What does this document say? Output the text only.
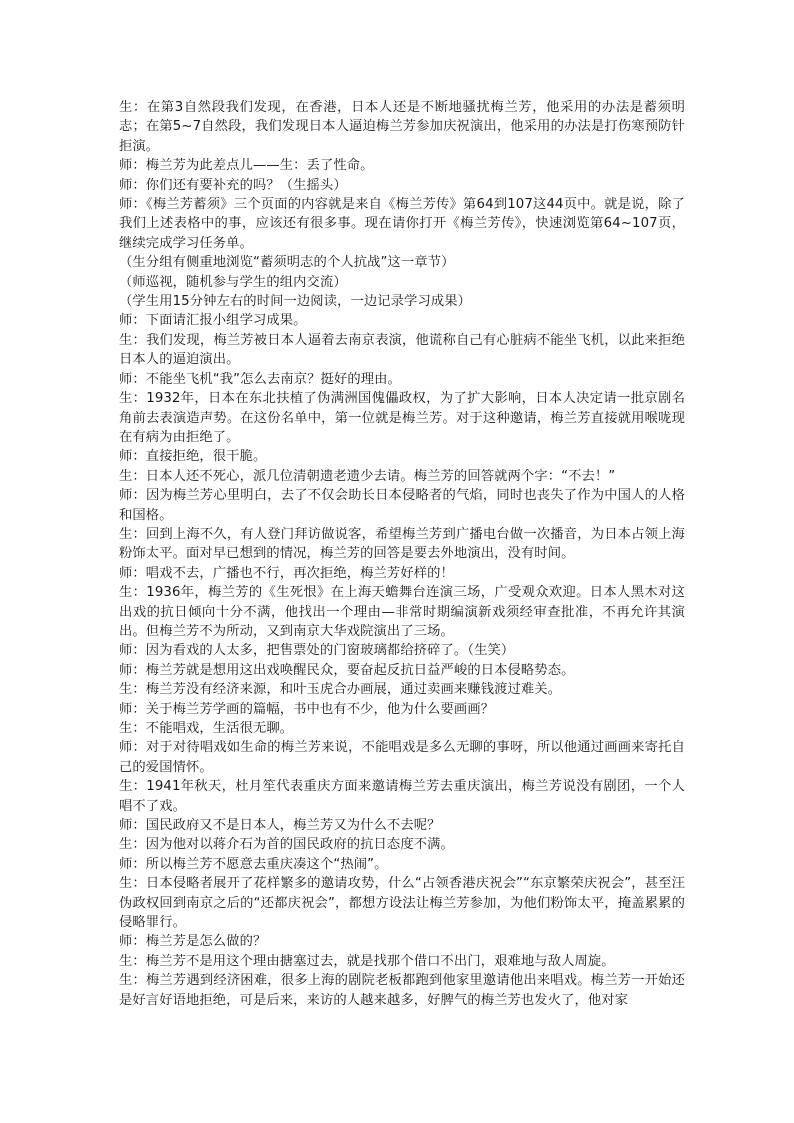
生：在第3自然段我们发现，在香港，日本人还是不断地骚扰梅兰芳，他采用的办法是蓄须明志；在第5~7自然段，我们发现日本人逼迫梅兰芳参加庆祝演出，他采用的办法是打伤寒预防针拒演。

师：梅兰芳为此差点儿——生：丢了性命。

师：你们还有要补充的吗？（生摇头）

师：《梅兰芳蓄须》三个页面的内容就是来自《梅兰芳传》第64到107这44页中。就是说，除了我们上述表格中的事，应该还有很多事。现在请你打开《梅兰芳传》，快速浏览第64~107页，继续完成学习任务单。

（生分组有侧重地浏览“蓄须明志的个人抗战”这一章节）

（师巡视，随机参与学生的组内交流）

（学生用15分钟左右的时间一边阅读，一边记录学习成果）

师：下面请汇报小组学习成果。

生：我们发现，梅兰芳被日本人逼着去南京表演，他谎称自己有心脏病不能坐飞机，以此来拒绝日本人的逼迫演出。

师：不能坐飞机“我”怎么去南京？挺好的理由。

生：1932年，日本在东北扶植了伪满洲国傀儡政权，为了扩大影响，日本人决定请一批京剧名角前去表演造声势。在这份名单中，第一位就是梅兰芳。对于这种邀请，梅兰芳直接就用喉咙现在有病为由拒绝了。

师：直接拒绝，很干脆。

生：日本人还不死心，派几位清朝遗老遗少去请。梅兰芳的回答就两个字：“不去！”

师：因为梅兰芳心里明白，去了不仅会助长日本侵略者的气焰，同时也丧失了作为中国人的人格和国格。

生：回到上海不久，有人登门拜访做说客，希望梅兰芳到广播电台做一次播音，为日本占领上海粉饰太平。面对早已想到的情况，梅兰芳的回答是要去外地演出，没有时间。

师：唱戏不去，广播也不行，再次拒绝，梅兰芳好样的！

生：1936年，梅兰芳的《生死恨》在上海天蟾舞台连演三场，广受观众欢迎。日本人黑木对这出戏的抗日倾向十分不满，他找出一个理由—非常时期编演新戏须经审查批准，不再允许其演出。但梅兰芳不为所动，又到南京大华戏院演出了三场。

师：因为看戏的人太多，把售票处的门窗玻璃都给挤碎了。（生笑）

师：梅兰芳就是想用这出戏唤醒民众，要奋起反抗日益严峻的日本侵略势态。

生：梅兰芳没有经济来源，和叶玉虎合办画展，通过卖画来赚钱渡过难关。

师：关于梅兰芳学画的篇幅，书中也有不少，他为什么要画画？

生：不能唱戏，生活很无聊。

师：对于对待唱戏如生命的梅兰芳来说，不能唱戏是多么无聊的事呀，所以他通过画画来寄托自己的爱国情怀。

生：1941年秋天，杜月笙代表重庆方面来邀请梅兰芳去重庆演出，梅兰芳说没有剧团，一个人唱不了戏。

师：国民政府又不是日本人，梅兰芳又为什么不去呢？

生：因为他对以蒋介石为首的国民政府的抗日态度不满。

师：所以梅兰芳不愿意去重庆凑这个“热闹”。

生：日本侵略者展开了花样繁多的邀请攻势，什么“占领香港庆祝会”“东京繁荣庆祝会”，甚至汪伪政权回到南京之后的“还都庆祝会”，都想方设法让梅兰芳参加，为他们粉饰太平，掩盖累累的侵略罪行。

师：梅兰芳是怎么做的？

生：梅兰芳不是用这个理由搪塞过去，就是找那个借口不出门，艰难地与敌人周旋。

生：梅兰芳遇到经济困难，很多上海的剧院老板都跑到他家里邀请他出来唱戏。梅兰芳一开始还是好言好语地拒绝，可是后来，来访的人越来越多，好脾气的梅兰芳也发火了，他对家
